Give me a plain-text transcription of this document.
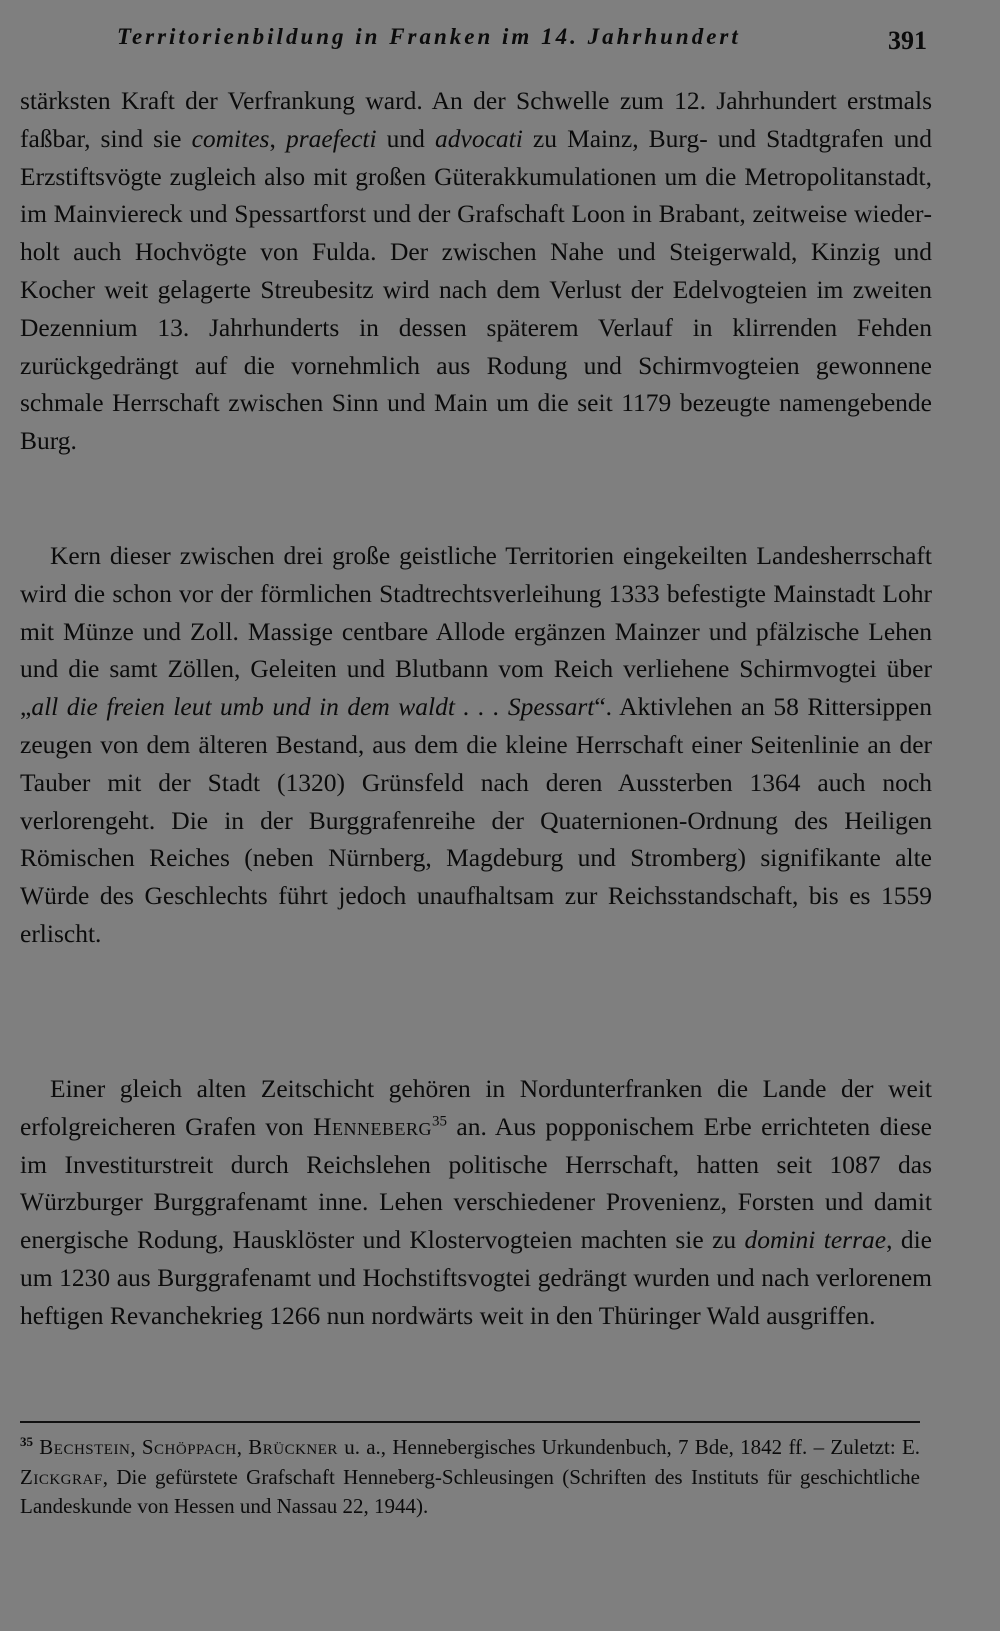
Territorienbildung in Franken im 14. Jahrhundert	391

stärksten Kraft der Verfrankung ward. An der Schwelle zum 12. Jahrhundert erstmals faßbar, sind sie comites, praefecti und advocati zu Mainz, Burg- und Stadtgrafen und Erzstiftsvögte zugleich also mit großen Güterakkumulationen um die Metropolitanstadt, im Mainviereck und Spessartforst und der Grafschaft Loon in Brabant, zeitweise wiederholt auch Hochvögte von Fulda. Der zwischen Nahe und Steigerwald, Kinzig und Kocher weit gelagerte Streubesitz wird nach dem Verlust der Edelvogteien im zweiten Dezennium 13. Jahrhunderts in dessen späterem Verlauf in klirrenden Fehden zurückgedrängt auf die vornehmlich aus Rodung und Schirmvogteien gewonnene schmale Herrschaft zwischen Sinn und Main um die seit 1179 bezeugte namengebende Burg.

Kern dieser zwischen drei große geistliche Territorien eingekeilten Landesherrschaft wird die schon vor der förmlichen Stadtrechtsverleihung 1333 befestigte Mainstadt Lohr mit Münze und Zoll. Massige centbare Allode ergänzen Mainzer und pfälzische Lehen und die samt Zöllen, Geleiten und Blutbann vom Reich verliehene Schirmvogtei über „all die freien leut umb und in dem waldt . . . Spessart“. Aktivlehen an 58 Rittersippen zeugen von dem älteren Bestand, aus dem die kleine Herrschaft einer Seitenlinie an der Tauber mit der Stadt (1320) Grünsfeld nach deren Aussterben 1364 auch noch verlorengeht. Die in der Burggrafenreihe der Quaternionen-Ordnung des Heiligen Römischen Reiches (neben Nürnberg, Magdeburg und Stromberg) signifikante alte Würde des Geschlechts führt jedoch unaufhaltsam zur Reichsstandschaft, bis es 1559 erlischt.

Einer gleich alten Zeitschicht gehören in Nordunterfranken die Lande der weit erfolgreicheren Grafen von Henneberg$^{35}$ an. Aus popponischem Erbe errichteten diese im Investiturstreit durch Reichslehen politische Herrschaft, hatten seit 1087 das Würzburger Burggrafenamt inne. Lehen verschiedener Provenienz, Forsten und damit energische Rodung, Hausklöster und Klostervogteien machten sie zu domini terrae, die um 1230 aus Burggrafenamt und Hochstiftsvogtei gedrängt wurden und nach verlorenem heftigen Revanchekrieg 1266 nun nordwärts weit in den Thüringer Wald ausgriffen.

$^{35}$ Bechstein, Schöppach, Brückner u. a., Hennebergisches Urkundenbuch, 7 Bde, 1842 ff. – Zuletzt: E. Zickgraf, Die gefürstete Grafschaft Henneberg-Schleusingen (Schriften des Instituts für geschichtliche Landeskunde von Hessen und Nassau 22, 1944).
